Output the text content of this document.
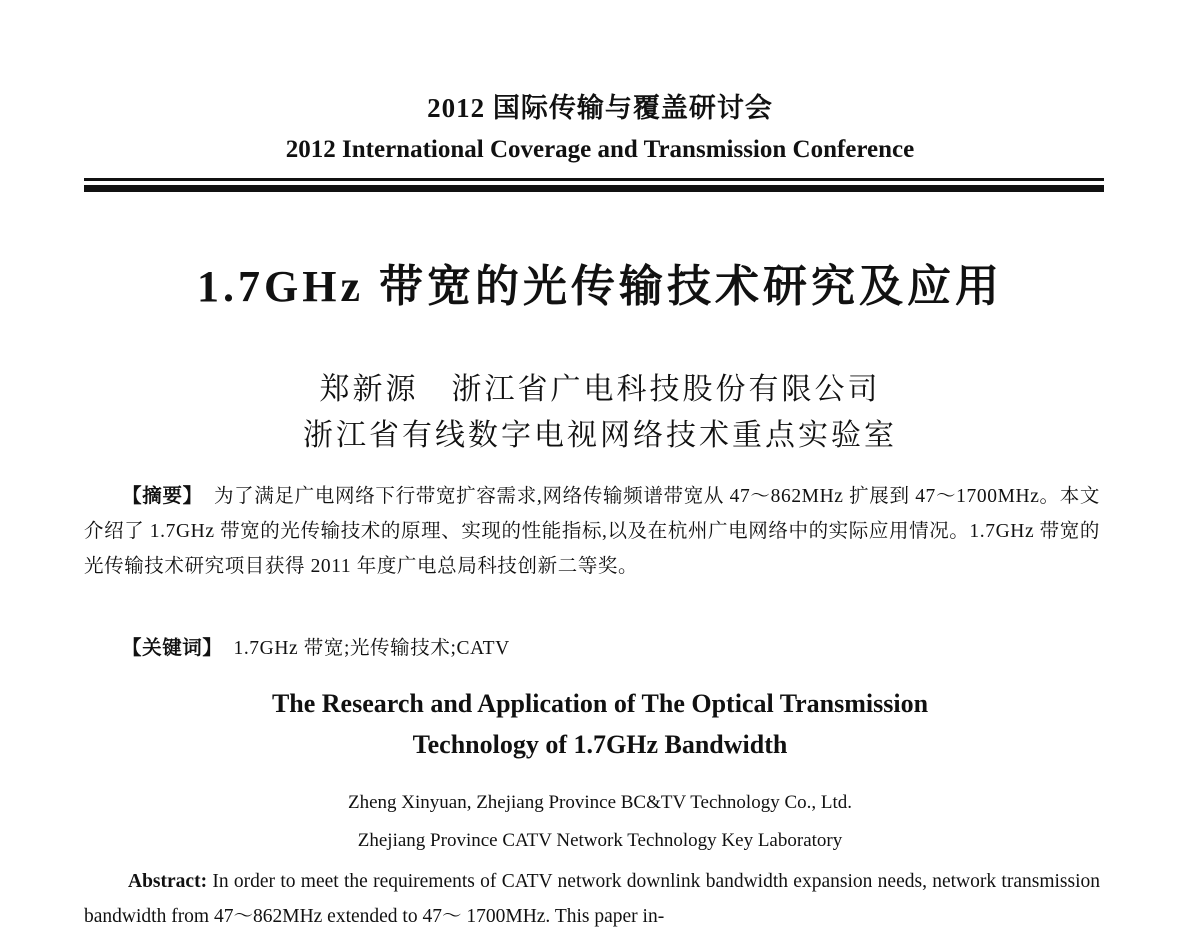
2012 国际传输与覆盖研讨会
2012 International Coverage and Transmission Conference
1.7GHz 带宽的光传输技术研究及应用
郑新源　浙江省广电科技股份有限公司
浙江省有线数字电视网络技术重点实验室
【摘要】 为了满足广电网络下行带宽扩容需求,网络传输频谱带宽从 47～862MHz 扩展到 47～1700MHz。本文介绍了 1.7GHz 带宽的光传输技术的原理、实现的性能指标,以及在杭州广电网络中的实际应用情况。1.7GHz 带宽的光传输技术研究项目获得 2011 年度广电总局科技创新二等奖。
【关键词】 1.7GHz 带宽;光传输技术;CATV
The Research and Application of The Optical Transmission
Technology of 1.7GHz Bandwidth
Zheng Xinyuan, Zhejiang Province BC&TV Technology Co., Ltd.
Zhejiang Province CATV Network Technology Key Laboratory
Abstract: In order to meet the requirements of CATV network downlink bandwidth expansion needs, network transmission bandwidth from 47～862MHz extended to 47～ 1700MHz. This paper in-
